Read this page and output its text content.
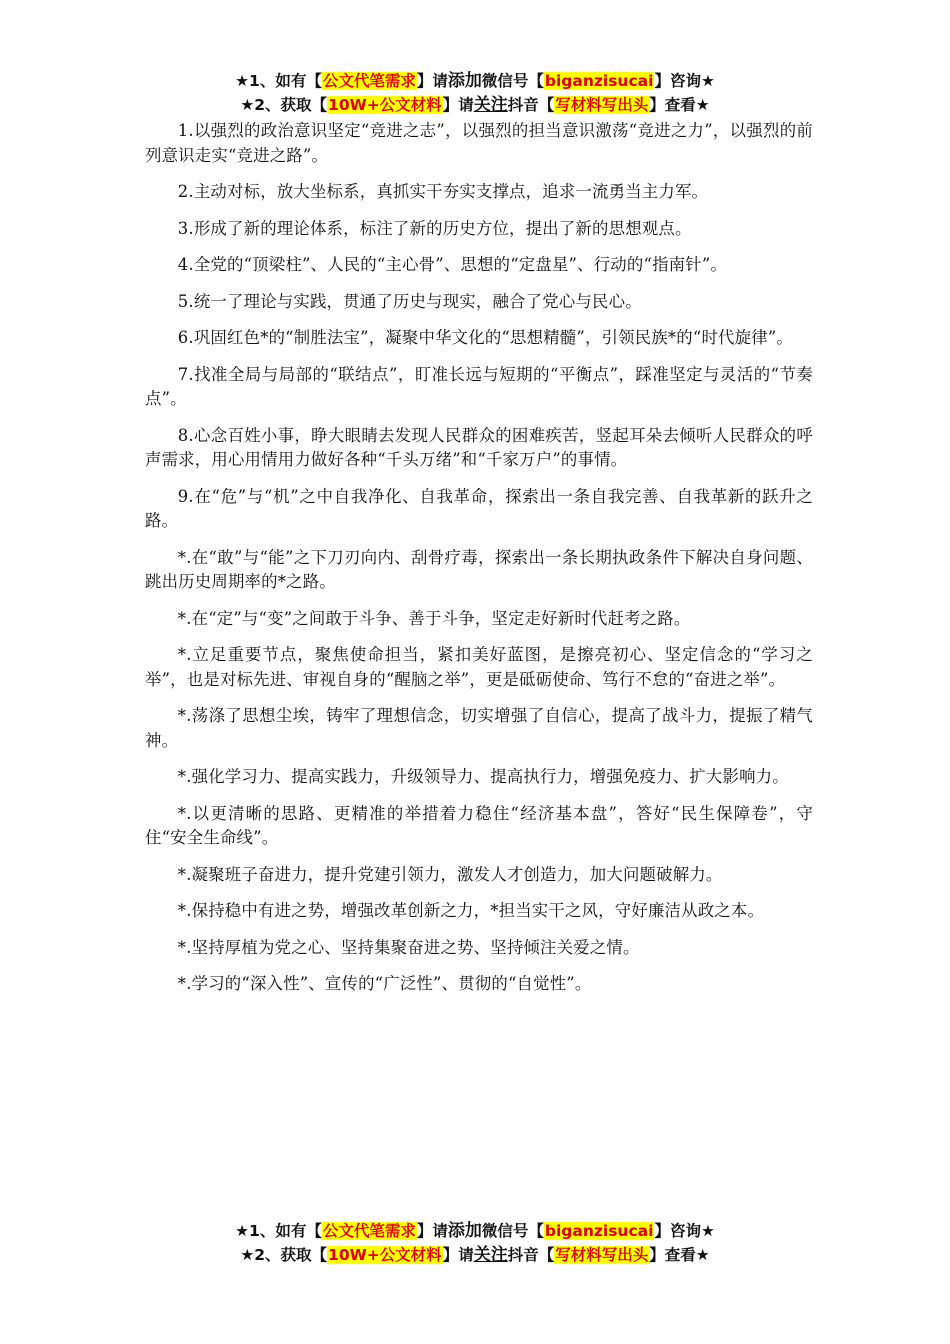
★1、如有【公文代笔需求】请添加微信号【biganzisucai】咨询★
★2、获取【10W+公文材料】请关注抖音【写材料写出头】查看★

1.以强烈的政治意识坚定“竞进之志”，以强烈的担当意识激荡“竞进之力”，以强烈的前列意识走实“竞进之路”。

2.主动对标，放大坐标系，真抓实干夯实支撑点，追求一流勇当主力军。

3.形成了新的理论体系，标注了新的历史方位，提出了新的思想观点。

4.全党的“顶梁柱”、人民的“主心骨”、思想的“定盘星”、行动的“指南针”。

5.统一了理论与实践，贯通了历史与现实，融合了党心与民心。

6.巩固红色*的“制胜法宝”，凝聚中华文化的“思想精髓”，引领民族*的“时代旋律”。

7.找准全局与局部的“联结点”，盯准长远与短期的“平衡点”，踩准坚定与灵活的“节奏点”。

8.心念百姓小事，睁大眼睛去发现人民群众的困难疾苦，竖起耳朵去倾听人民群众的呼声需求，用心用情用力做好各种“千头万绪”和“千家万户”的事情。

9.在“危”与“机”之中自我净化、自我革命，探索出一条自我完善、自我革新的跃升之路。

*.在“敢”与“能”之下刀刃向内、刮骨疗毒，探索出一条长期执政条件下解决自身问题、跳出历史周期率的*之路。

*.在“定”与“变”之间敢于斗争、善于斗争，坚定走好新时代赶考之路。

*.立足重要节点，聚焦使命担当，紧扣美好蓝图，是擦亮初心、坚定信念的“学习之举”，也是对标先进、审视自身的“醒脑之举”，更是砥砺使命、笃行不怠的“奋进之举”。

*.荡涤了思想尘埃，铸牢了理想信念，切实增强了自信心，提高了战斗力，提振了精气神。

*.强化学习力、提高实践力，升级领导力、提高执行力，增强免疫力、扩大影响力。

*.以更清晰的思路、更精准的举措着力稳住“经济基本盘”，答好“民生保障卷”，守住“安全生命线”。

*.凝聚班子奋进力，提升党建引领力，激发人才创造力，加大问题破解力。

*.保持稳中有进之势，增强改革创新之力，*担当实干之风，守好廉洁从政之本。

*.坚持厚植为党之心、坚持集聚奋进之势、坚持倾注关爱之情。

*.学习的“深入性”、宣传的“广泛性”、贯彻的“自觉性”。

★1、如有【公文代笔需求】请添加微信号【biganzisucai】咨询★
★2、获取【10W+公文材料】请关注抖音【写材料写出头】查看★
